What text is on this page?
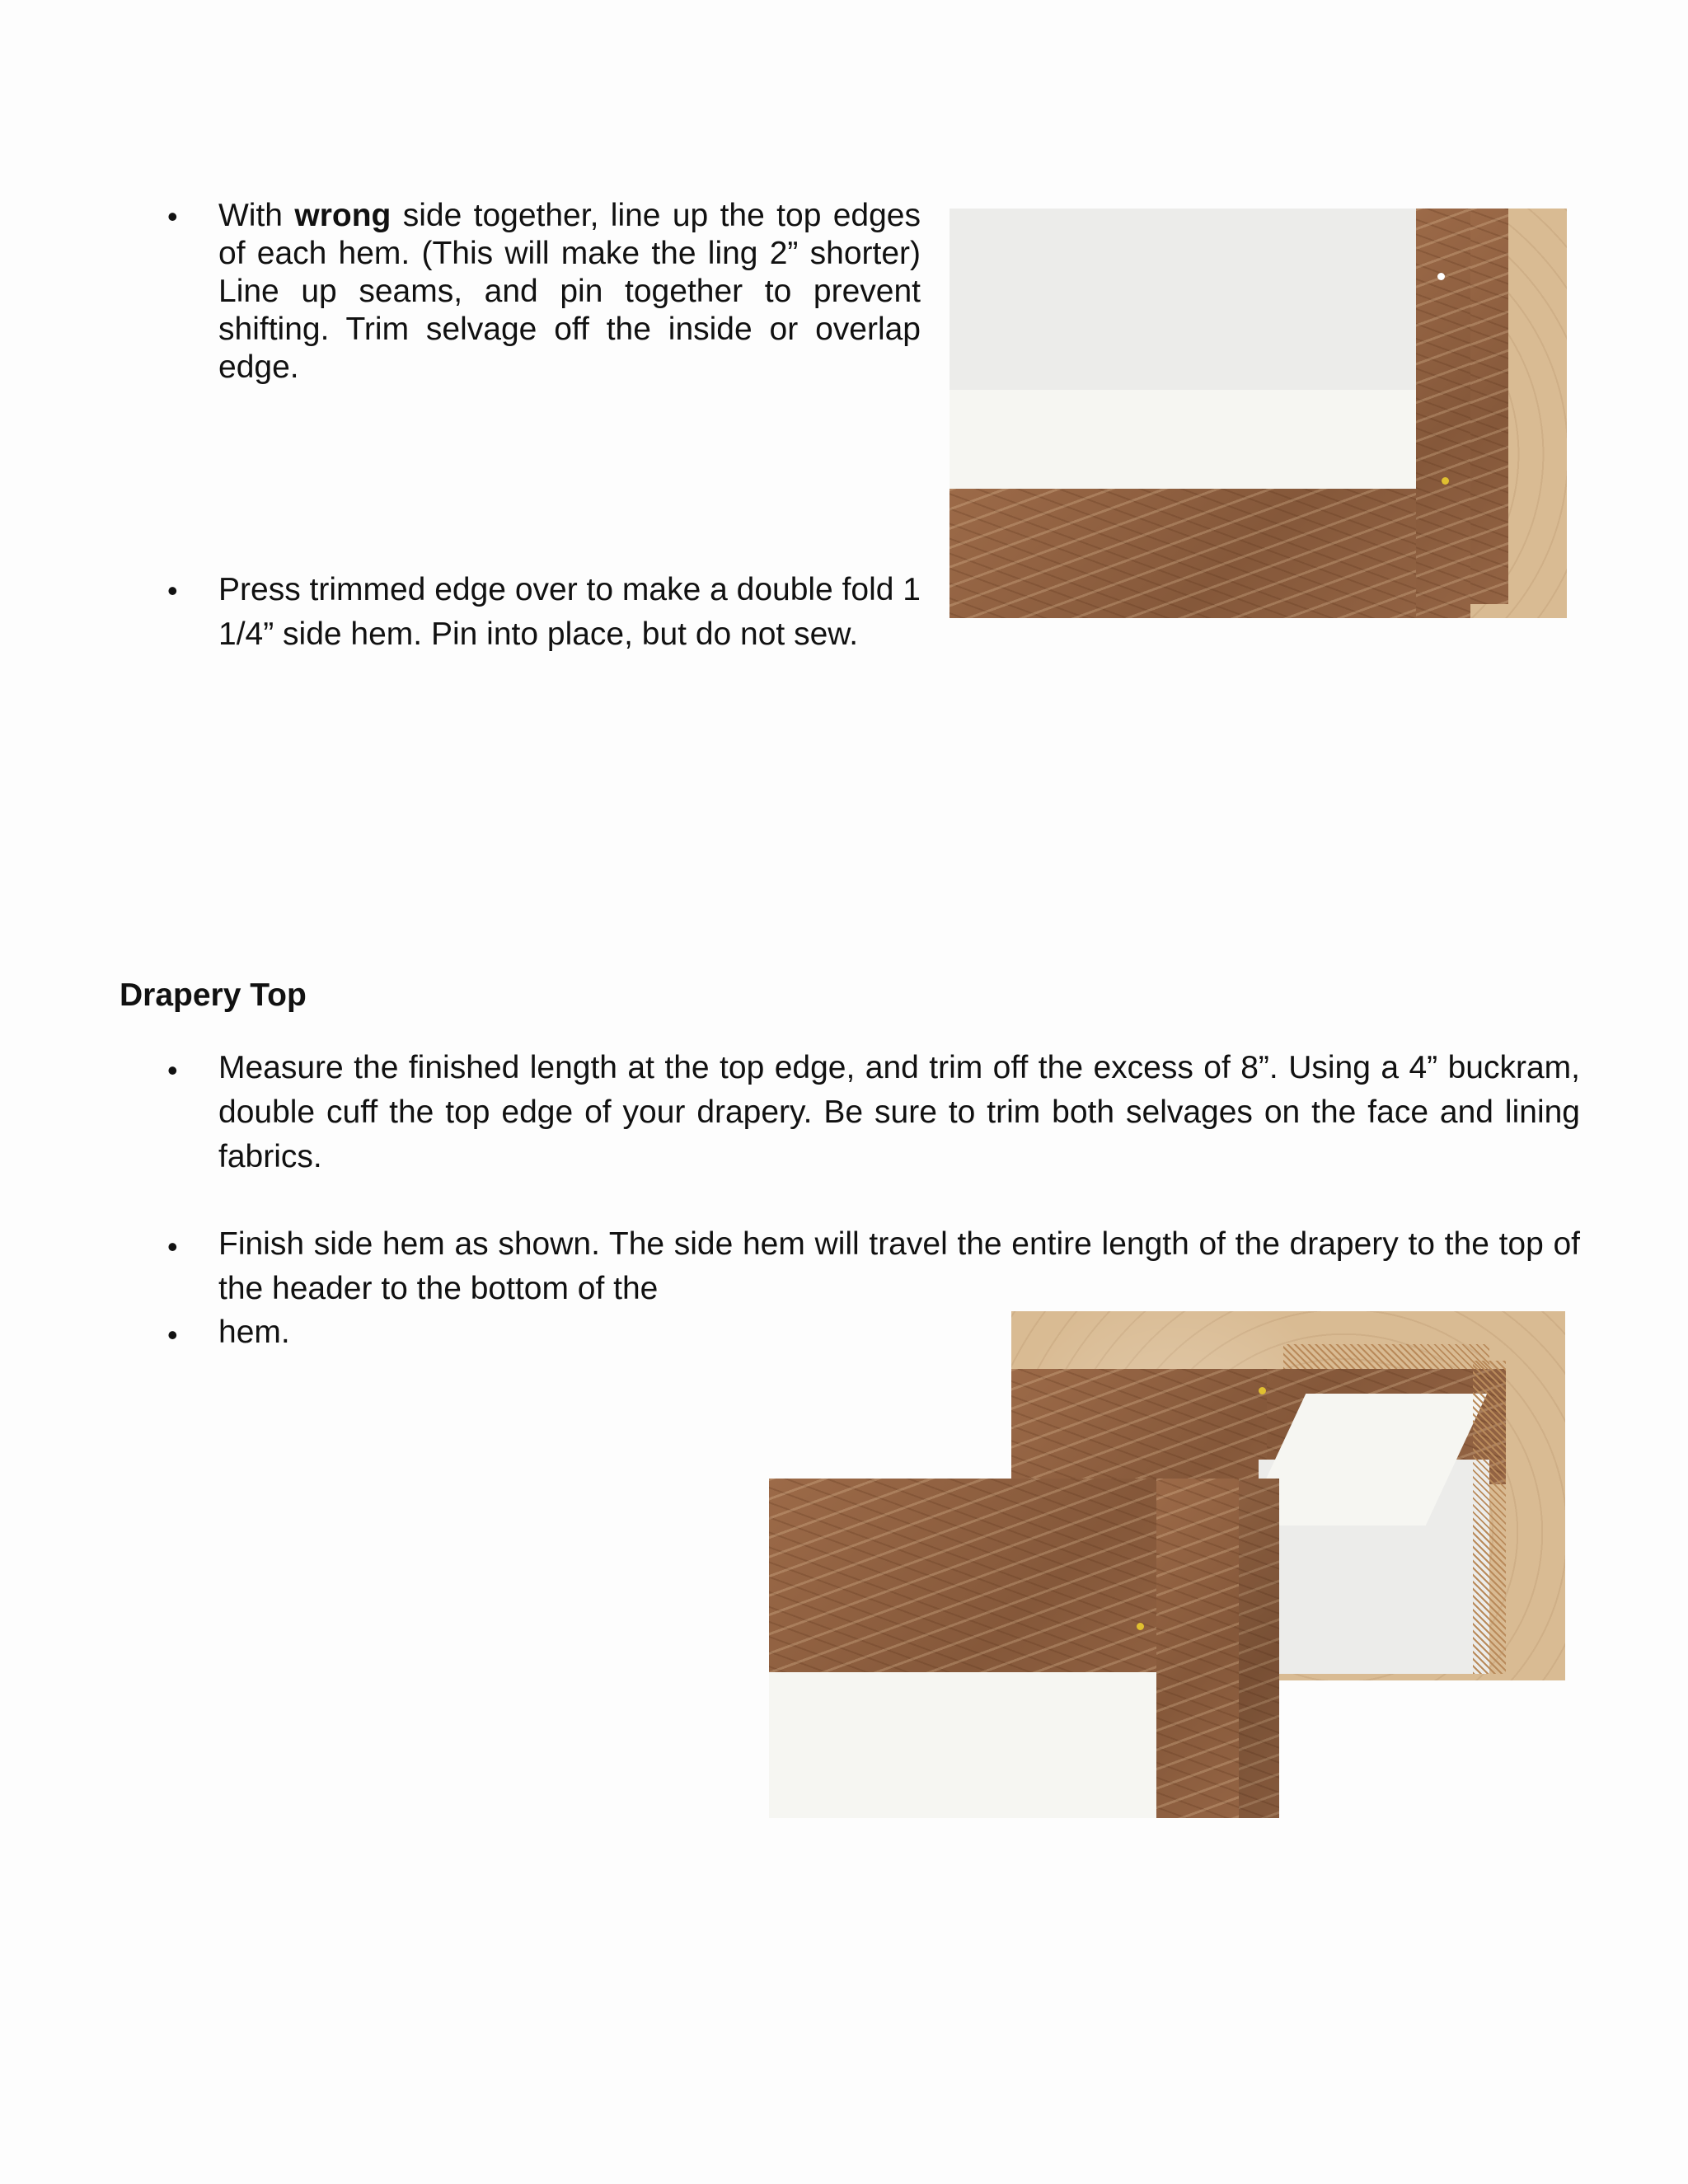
• With wrong side together, line up the top edges of each hem. (This will make the ling 2” shorter) Line up seams, and pin together to prevent shifting. Trim selvage off the inside or overlap edge.
• Press trimmed edge over to make a double fold 1 1/4” side hem. Pin into place, but do not sew.
Drapery Top
• Measure the finished length at the top edge, and trim off the excess of 8”. Using a 4” buckram, double cuff the top edge of your drapery. Be sure to trim both selvages on the face and lining fabrics.
• Finish side hem as shown. The side hem will travel the entire length of the drapery to the top of the header to the bottom of the
• hem.
